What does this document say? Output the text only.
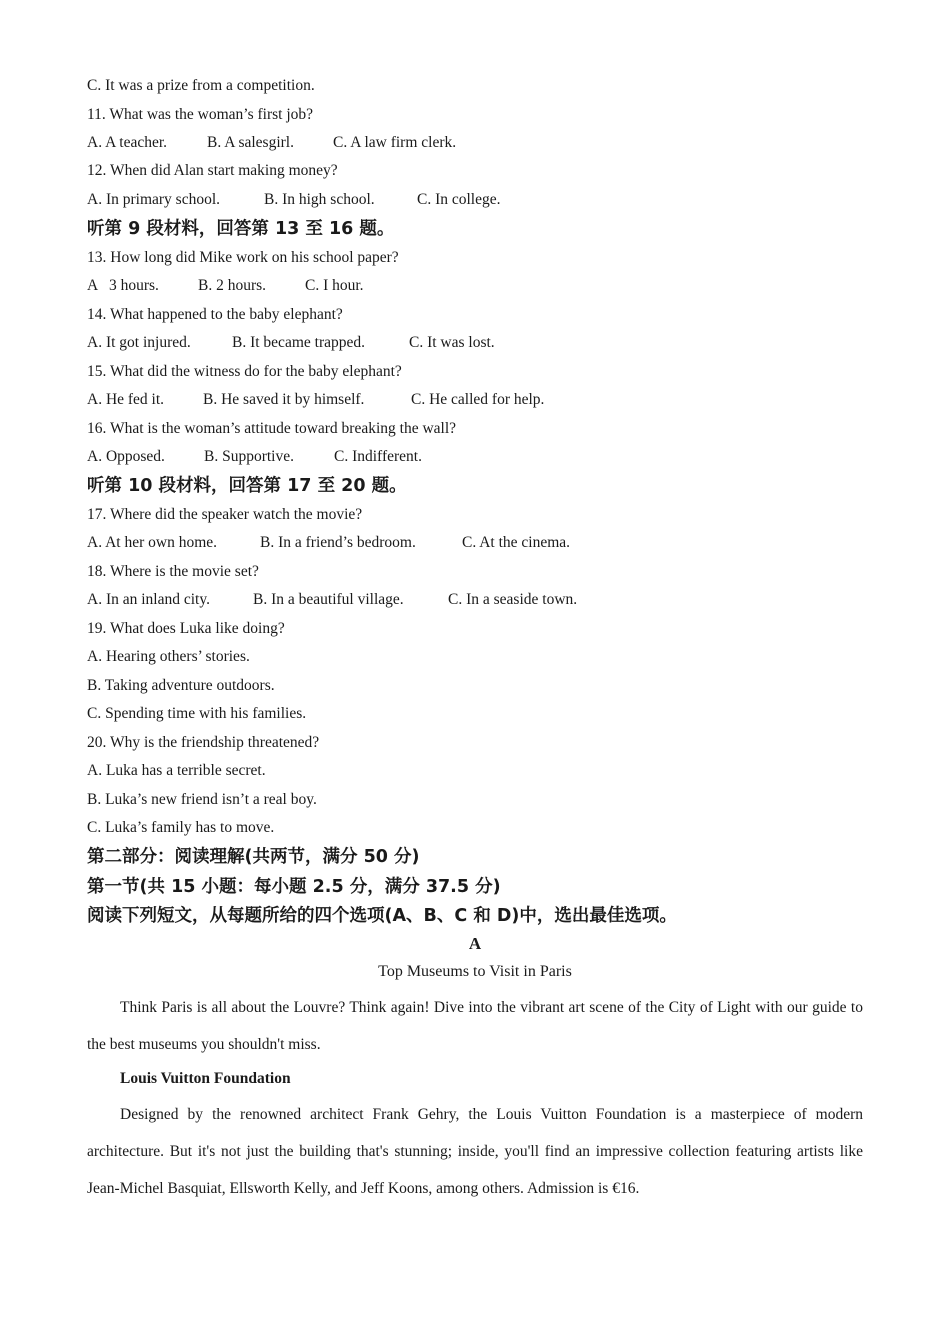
C. It was a prize from a competition.
11. What was the woman’s first job?
A. A teacher.	B. A salesgirl.	C. A law firm clerk.
12. When did Alan start making money?
A. In primary school.	B. In high school.	C. In college.
听第 9 段材料，回答第 13 至 16 题。
13. How long did Mike work on his school paper?
A   3 hours.	B. 2 hours.	C. I hour.
14. What happened to the baby elephant?
A. It got injured.	B. It became trapped.	C. It was lost.
15. What did the witness do for the baby elephant?
A. He fed it.	B. He saved it by himself.	C. He called for help.
16. What is the woman’s attitude toward breaking the wall?
A. Opposed.	B. Supportive.	C. Indifferent.
听第 10 段材料，回答第 17 至 20 题。
17. Where did the speaker watch the movie?
A. At her own home.	B. In a friend’s bedroom.	C. At the cinema.
18. Where is the movie set?
A. In an inland city.	B. In a beautiful village.	C. In a seaside town.
19. What does Luka like doing?
A. Hearing others’ stories.
B. Taking adventure outdoors.
C. Spending time with his families.
20. Why is the friendship threatened?
A. Luka has a terrible secret.
B. Luka’s new friend isn’t a real boy.
C. Luka’s family has to move.
第二部分：阅读理解(共两节，满分 50 分)
第一节(共 15 小题：每小题 2.5 分，满分 37.5 分)
阅读下列短文，从每题所给的四个选项(A、B、C 和 D)中，选出最佳选项。
A
Top Museums to Visit in Paris
Think Paris is all about the Louvre? Think again! Dive into the vibrant art scene of the City of Light with our guide to the best museums you shouldn't miss.
Louis Vuitton Foundation
Designed by the renowned architect Frank Gehry, the Louis Vuitton Foundation is a masterpiece of modern architecture. But it's not just the building that's stunning; inside, you'll find an impressive collection featuring artists like Jean-Michel Basquiat, Ellsworth Kelly, and Jeff Koons, among others. Admission is €16.
